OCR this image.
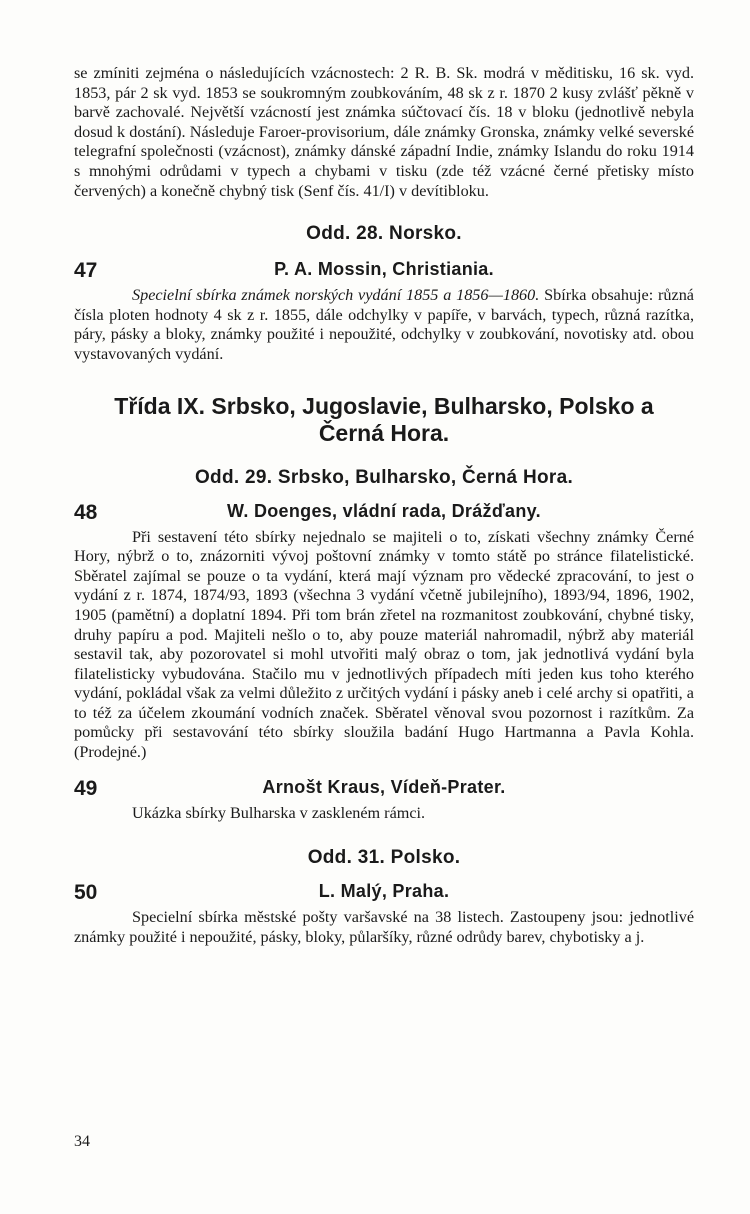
se zmíniti zejména o následujících vzácnostech: 2 R. B. Sk. modrá v měditisku, 16 sk. vyd. 1853, pár 2 sk vyd. 1853 se soukromným zoubkováním, 48 sk z r. 1870 2 kusy zvlášť pěkně v barvě zachovalé. Největší vzácností jest známka súčtovací čís. 18 v bloku (jednotlivě nebyla dosud k dostání). Následuje Faroer-provisorium, dále známky Gronska, známky velké severské telegrafní společnosti (vzácnost), známky dánské západní Indie, známky Islandu do roku 1914 s mnohými odrůdami v typech a chybami v tisku (zde též vzácné černé přetisky místo červených) a konečně chybný tisk (Senf čís. 41/I) v devítibloku.

Odd. 28. Norsko.
47	P. A. Mossin, Christiania.

Specielní sbírka známek norských vydání 1855 a 1856—1860. Sbírka obsahuje: různá čísla ploten hodnoty 4 sk z r. 1855, dále odchylky v papíře, v barvách, typech, různá razítka, páry, pásky a bloky, známky použité i nepoužité, odchylky v zoubkování, novotisky atd. obou vystavovaných vydání.

Třída IX. Srbsko, Jugoslavie, Bulharsko, Polsko a
Černá Hora.
Odd. 29. Srbsko, Bulharsko, Černá Hora.
48	W. Doenges, vládní rada, Drážďany.

Při sestavení této sbírky nejednalo se majiteli o to, získati všechny známky Černé Hory, nýbrž o to, znázorniti vývoj poštovní známky v tomto státě po stránce filatelistické. Sběratel zajímal se pouze o ta vydání, která mají význam pro vědecké zpracování, to jest o vydání z r. 1874, 1874/93, 1893 (všechna 3 vydání včetně jubilejního), 1893/94, 1896, 1902, 1905 (pamětní) a doplatní 1894. Při tom brán zřetel na rozmanitost zoubkování, chybné tisky, druhy papíru a pod. Majiteli nešlo o to, aby pouze materiál nahromadil, nýbrž aby materiál sestavil tak, aby pozorovatel si mohl utvořiti malý obraz o tom, jak jednotlivá vydání byla filatelisticky vybudována. Stačilo mu v jednotlivých případech míti jeden kus toho kterého vydání, pokládal však za velmi důležito z určitých vydání i pásky aneb i celé archy si opatřiti, a to též za účelem zkoumání vodních značek. Sběratel věnoval svou pozornost i razítkům. Za pomůcky při sestavování této sbírky sloužila badání Hugo Hartmanna a Pavla Kohla. (Prodejné.)

49	Arnošt Kraus, Vídeň-Prater.

Ukázka sbírky Bulharska v zaskleném rámci.

Odd. 31. Polsko.
50	L. Malý, Praha.

Specielní sbírka městské pošty varšavské na 38 listech. Zastoupeny jsou: jednotlivé známky použité i nepoužité, pásky, bloky, půlaršíky, různé odrůdy barev, chybotisky a j.

34
